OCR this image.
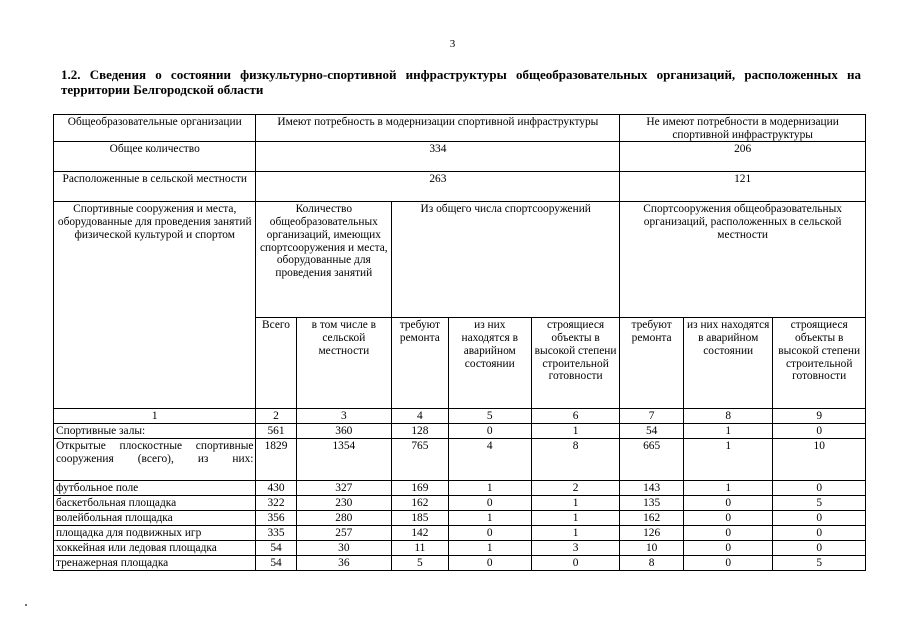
3
1.2. Сведения о состоянии физкультурно-спортивной инфраструктуры общеобразовательных организаций, расположенных на территории Белгородской области
Общеобразовательные организации	Имеют потребность в модернизации спортивной инфраструктуры					Не имеют потребности в модернизации спортивной инфраструктуры		
Общее количество	334					206		
Расположенные в сельской местности	263					121		
Спортивные сооружения и места, оборудованные для проведения занятий физической культурой и спортом	Количество общеобразовательных организаций, имеющих спортсооружения и места, оборудованные для проведения занятий		Из общего числа спортсооружений			Спортсооружения общеобразовательных организаций, расположенных в сельской местности		
	Всего	в том числе в сельской местности	требуют ремонта	из них находятся в аварийном состоянии	строящиеся объекты в высокой степени строительной готовности	требуют ремонта	из них находятся в аварийном состоянии	строящиеся объекты в высокой степени строительной готовности
1	2	3	4	5	6	7	8	9
Спортивные залы:	561	360	128	0	1	54	1	0
Открытые плоскостные спортивные сооружения (всего), из них:	1829	1354	765	4	8	665	1	10
футбольное поле	430	327	169	1	2	143	1	0
баскетбольная площадка	322	230	162	0	1	135	0	5
волейбольная площадка	356	280	185	1	1	162	0	0
площадка для подвижных игр	335	257	142	0	1	126	0	0
хоккейная или ледовая площадка	54	30	11	1	3	10	0	0
тренажерная площадка	54	36	5	0	0	8	0	5
